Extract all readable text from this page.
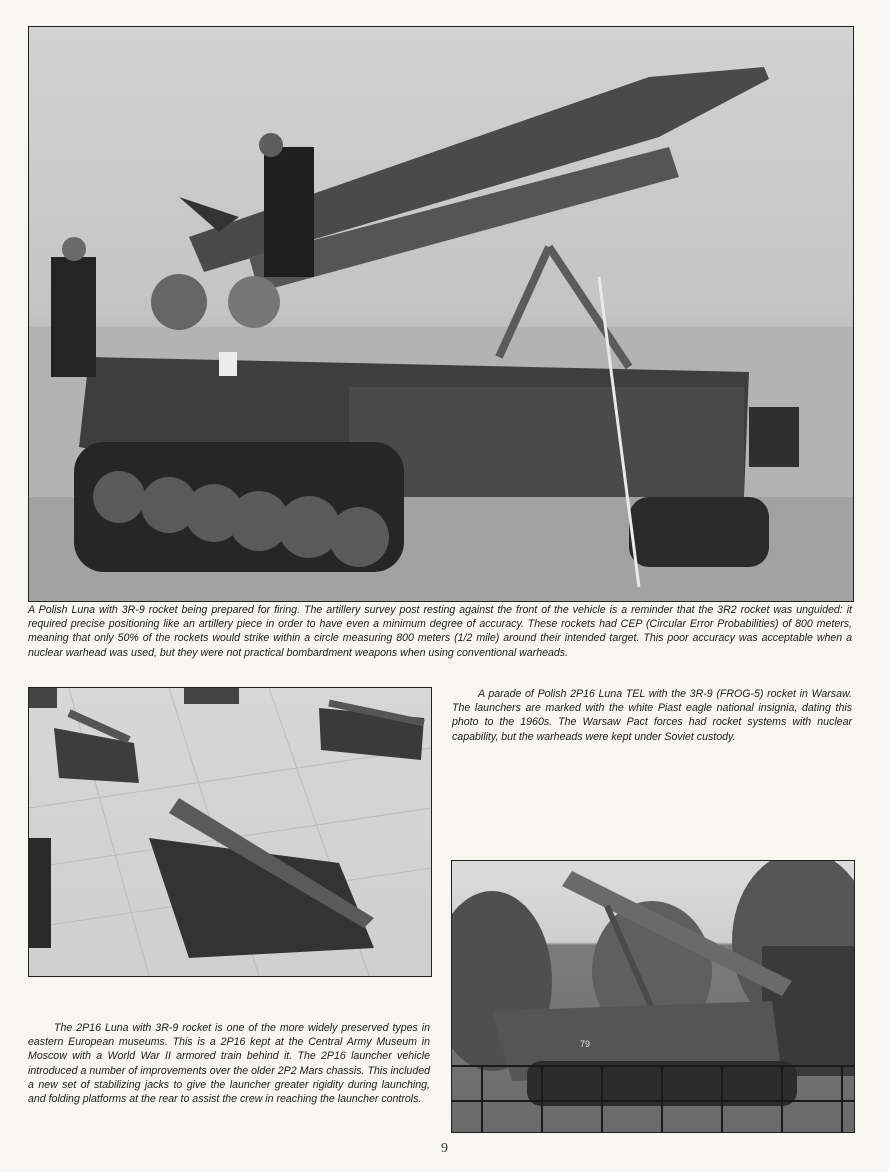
A Polish Luna with 3R-9 rocket being prepared for firing. The artillery survey post resting against the front of the vehicle is a reminder that the 3R2 rocket was unguided: it required precise positioning like an artillery piece in order to have even a minimum degree of accuracy. These rockets had CEP (Circular Error Probabilities) of 800 meters, meaning that only 50% of the rockets would strike within a circle measuring 800 meters (1/2 mile) around their intended target. This poor accuracy was acceptable when a nuclear warhead was used, but they were not practical bombardment weapons when using conventional warheads.

A parade of Polish 2P16 Luna TEL with the 3R-9 (FROG-5) rocket in Warsaw. The launchers are marked with the white Piast eagle national insignia, dating this photo to the 1960s. The Warsaw Pact forces had rocket systems with nuclear capability, but the warheads were kept under Soviet custody.

79

The 2P16 Luna with 3R-9 rocket is one of the more widely preserved types in eastern European museums. This is a 2P16 kept at the Central Army Museum in Moscow with a World War II armored train behind it. The 2P16 launcher vehicle introduced a number of improvements over the older 2P2 Mars chassis. This included a new set of stabilizing jacks to give the launcher greater rigidity during launching, and folding platforms at the rear to assist the crew in reaching the launcher controls.

9
